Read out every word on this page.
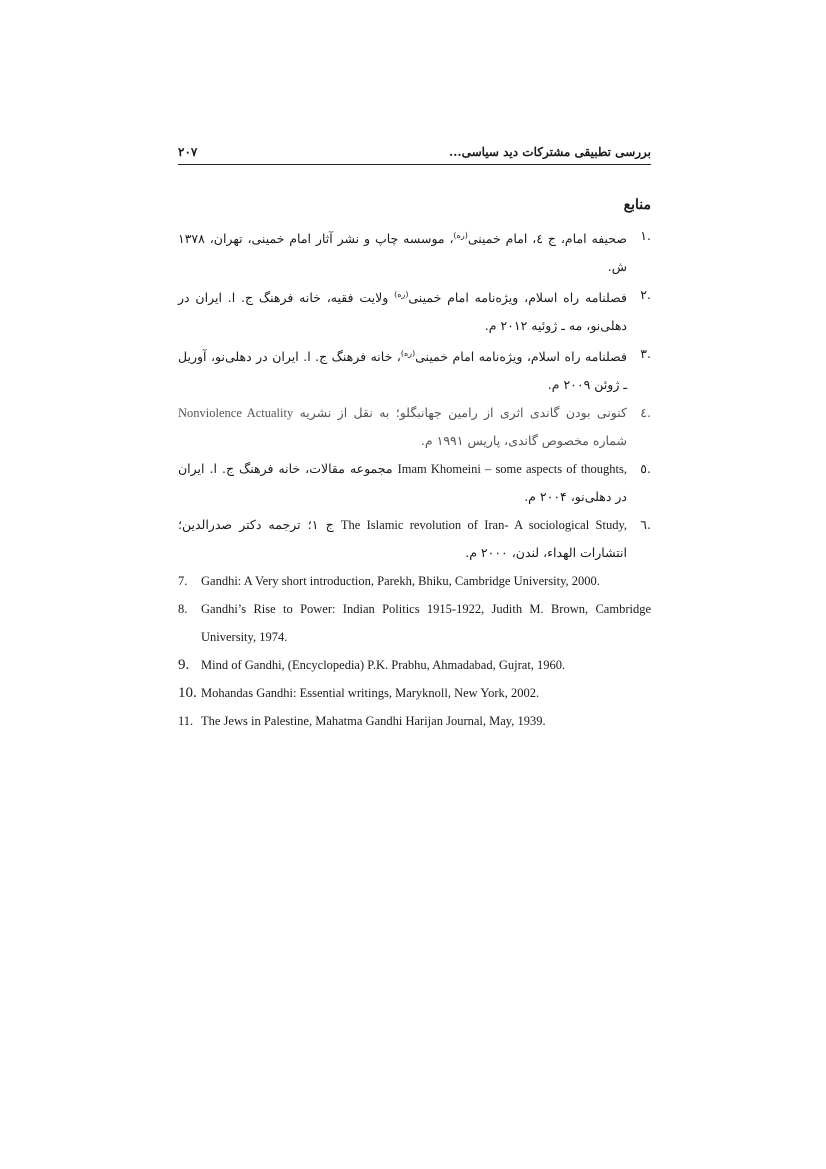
۲۰۷	بررسی تطبیقی مشترکات دید سیاسی...
منابع
.۱
صحیفه امام، ج ٤، امام خمینی$^{(ره)}$، موسسه چاپ و نشر آثار امام خمینی، تهران، ۱۳۷۸ ش.
.۲
فصلنامه راه اسلام، ویژه‌نامه امام خمینی$^{(ره)}$ ولایت فقیه، خانه فرهنگ ج. ا. ایران در دهلی‌نو، مه ـ ژوئیه ۲۰۱۲ م.
.۳
فصلنامه راه اسلام، ویژه‌نامه امام خمینی$^{(ره)}$، خانه فرهنگ ج. ا. ایران در دهلی‌نو، آوریل ـ ژوئن ۲۰۰۹ م.
.٤
کنونی بودن گاندی اثری از رامین جهانبگلو؛ به نقل از نشریه Nonviolence Actuality شماره مخصوص گاندی، پاریس ۱۹۹۱ م.
.٥
Imam Khomeini – some aspects of thoughts, مجموعه مقالات، خانه فرهنگ ج. ا. ایران در دهلی‌نو، ۲۰۰۴ م.
.٦
The Islamic revolution of Iran- A sociological Study, ج ۱؛ ترجمه دکتر صدرالدین؛ انتشارات الهداء، لندن، ۲۰۰۰ م.
7.	Gandhi: A Very short introduction, Parekh, Bhiku, Cambridge University, 2000.
8.	Gandhi’s Rise to Power: Indian Politics 1915-1922, Judith M. Brown, Cambridge University, 1974.
9. Mind of Gandhi, (Encyclopedia) P.K. Prabhu, Ahmadabad, Gujrat, 1960.
10. Mohandas Gandhi: Essential writings, Maryknoll, New York, 2002.
11. The Jews in Palestine, Mahatma Gandhi Harijan Journal, May, 1939.
